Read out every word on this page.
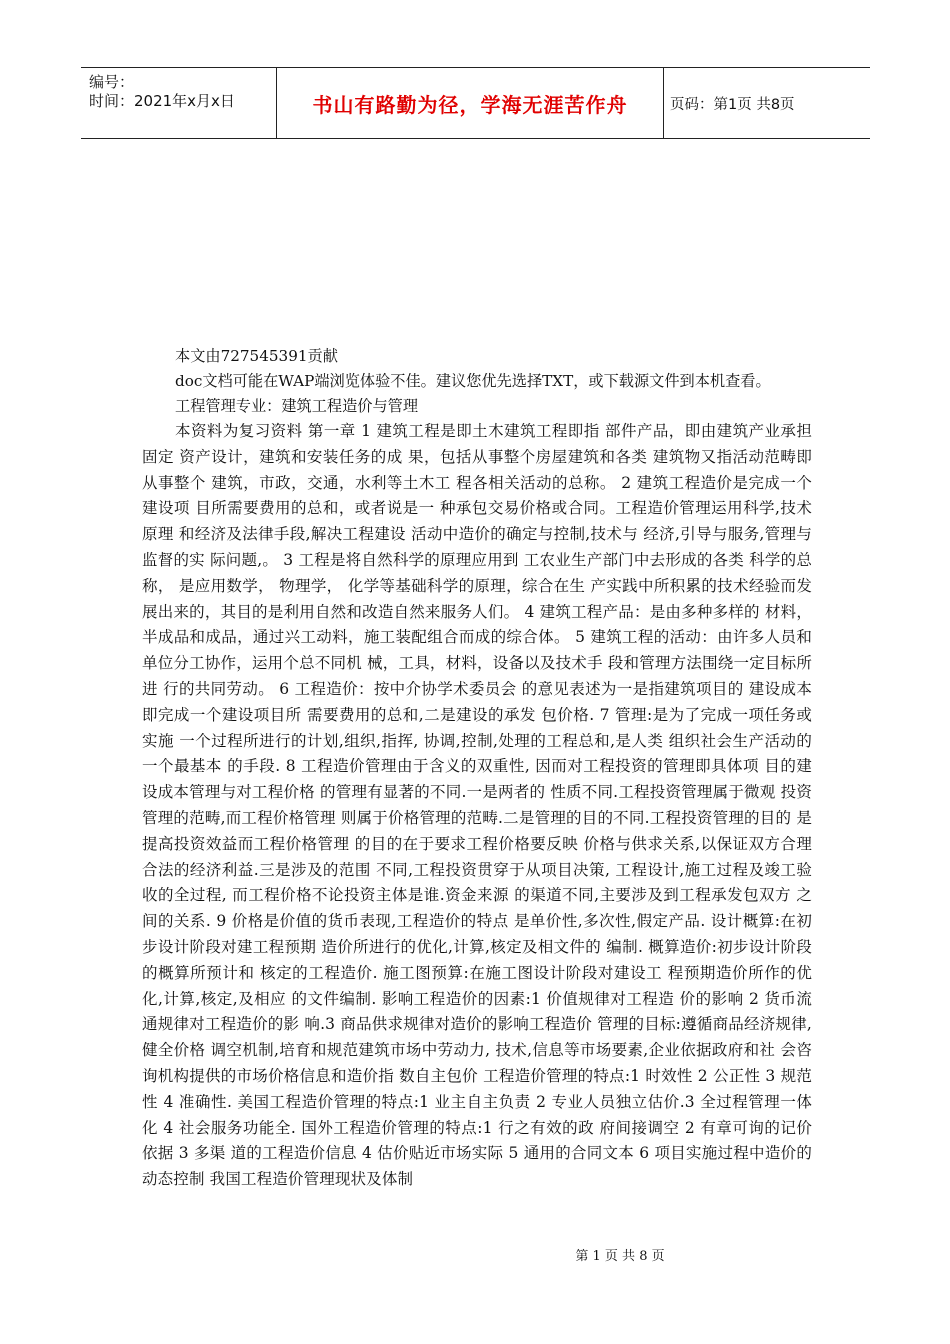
编号：
时间：2021年x月x日	书山有路勤为径，学海无涯苦作舟	页码：第1页 共8页
本文由727545391贡献
doc文档可能在WAP端浏览体验不佳。建议您优先选择TXT，或下载源文件到本机查看。
工程管理专业：建筑工程造价与管理

本资料为复习资料 第一章 1 建筑工程是即土木建筑工程即指 部件产品，即由建筑产业承担固定 资产设计，建筑和安装任务的成 果，包括从事整个房屋建筑和各类 建筑物又指活动范畴即从事整个 建筑，市政，交通，水利等土木工 程各相关活动的总称。 2 建筑工程造价是完成一个建设项 目所需要费用的总和，或者说是一 种承包交易价格或合同。工程造价管理运用科学,技术原理 和经济及法律手段,解决工程建设 活动中造价的确定与控制,技术与 经济,引导与服务,管理与监督的实 际问题,。 3 工程是将自然科学的原理应用到 工农业生产部门中去形成的各类 科学的总称， 是应用数学， 物理学， 化学等基础科学的原理，综合在生 产实践中所积累的技术经验而发 展出来的，其目的是利用自然和改造自然来服务人们。 4 建筑工程产品：是由多种多样的 材料，半成品和成品，通过兴工动料，施工装配组合而成的综合体。 5 建筑工程的活动：由许多人员和 单位分工协作，运用个总不同机 械，工具，材料，设备以及技术手 段和管理方法围绕一定目标所进 行的共同劳动。 6 工程造价：按中介协学术委员会 的意见表述为一是指建筑项目的 建设成本即完成一个建设项目所 需要费用的总和,二是建设的承发 包价格. 7 管理:是为了完成一项任务或实施 一个过程所进行的计划,组织,指挥, 协调,控制,处理的工程总和,是人类 组织社会生产活动的一个最基本 的手段. 8 工程造价管理由于含义的双重性, 因而对工程投资的管理即具体项 目的建设成本管理与对工程价格 的管理有显著的不同.一是两者的 性质不同.工程投资管理属于微观 投资管理的范畴,而工程价格管理 则属于价格管理的范畴.二是管理的目的不同.工程投资管理的目的 是提高投资效益而工程价格管理 的目的在于要求工程价格要反映 价格与供求关系,以保证双方合理 合法的经济利益.三是涉及的范围 不同,工程投资贯穿于从项目决策, 工程设计,施工过程及竣工验收的全过程, 而工程价格不论投资主体是谁.资金来源 的渠道不同,主要涉及到工程承发包双方 之间的关系. 9 价格是价值的货币表现,工程造价的特点 是单价性,多次性,假定产品. 设计概算:在初步设计阶段对建工程预期 造价所进行的优化,计算,核定及相文件的 编制. 概算造价:初步设计阶段的概算所预计和 核定的工程造价. 施工图预算:在施工图设计阶段对建设工 程预期造价所作的优化,计算,核定,及相应 的文件编制. 影响工程造价的因素:1 价值规律对工程造 价的影响 2 货币流通规律对工程造价的影 响.3 商品供求规律对造价的影响工程造价 管理的目标:遵循商品经济规律,健全价格 调空机制,培育和规范建筑市场中劳动力, 技术,信息等市场要素,企业依据政府和社 会咨询机构提供的市场价格信息和造价指 数自主包价 工程造价管理的特点:1 时效性 2 公正性 3 规范性 4 准确性. 美国工程造价管理的特点:1 业主自主负责 2 专业人员独立估价.3 全过程管理一体化 4 社会服务功能全. 国外工程造价管理的特点:1 行之有效的政 府间接调空 2 有章可询的记价依据 3 多渠 道的工程造价信息 4 估价贴近市场实际 5 通用的合同文本 6 项目实施过程中造价的 动态控制 我国工程造价管理现状及体制

第 1 页 共 8 页
